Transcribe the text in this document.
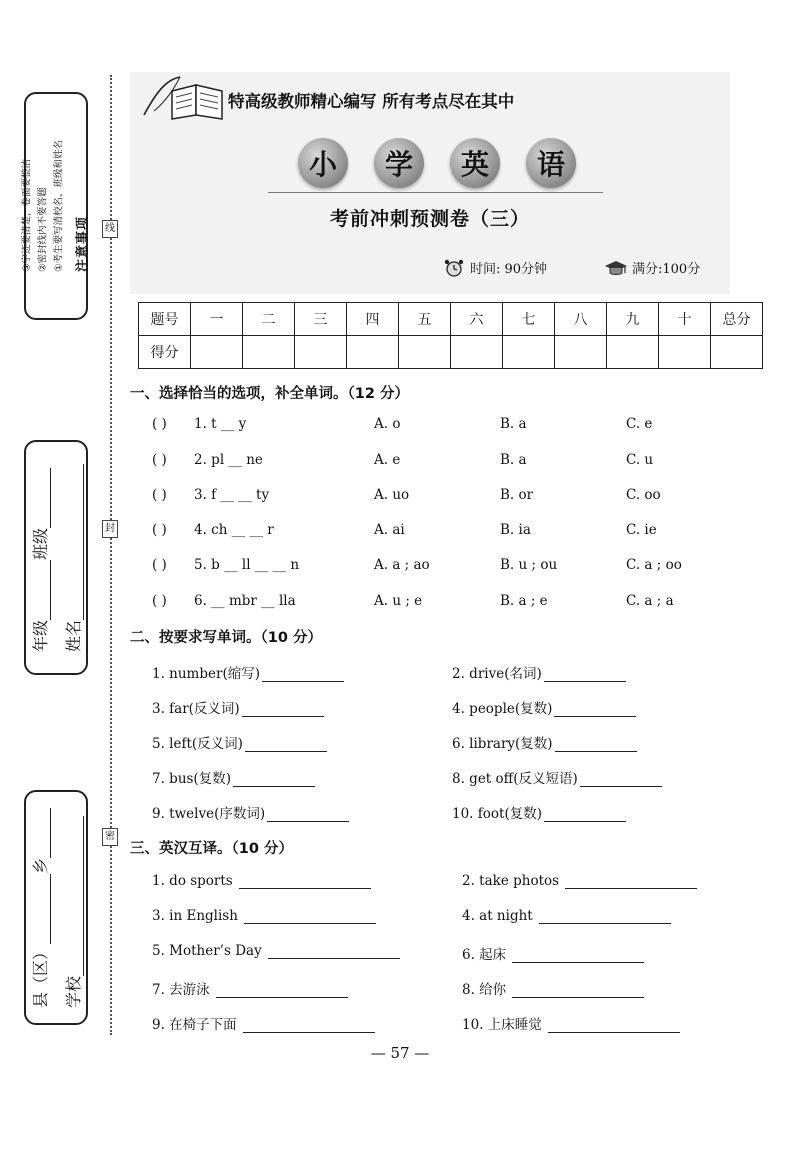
线
封
密
注意事项
①考生要写清校名、班级和姓名
②密封线内不要答题
③字迹要清楚，卷面要整洁
年级
班级
姓名
县（区）
乡
学校
特高级教师精心编写 所有考点尽在其中
小	学	英	语
考前冲刺预测卷（三）
时间: 90分钟	满分:100分
题号	一	二	三	四	五	六	七	八	九	十	总分
得分											
一、选择恰当的选项，补全单词。（12 分）
( ) 1. t __ y	A. o	B. a	C. e
( ) 2. pl __ ne	A. e	B. a	C. u
( ) 3. f __ __ ty	A. uo	B. or	C. oo
( ) 4. ch __ __ r	A. ai	B. ia	C. ie
( ) 5. b __ ll __ __ n	A. a ; ao	B. u ; ou	C. a ; oo
( ) 6. __ mbr __ lla	A. u ; e	B. a ; e	C. a ; a
二、按要求写单词。（10 分）
1. number(缩写)	2. drive(名词)
3. far(反义词)	4. people(复数)
5. left(反义词)	6. library(复数)
7. bus(复数)	8. get off(反义短语)
9. twelve(序数词)	10. foot(复数)
三、英汉互译。（10 分）
1. do sports	2. take photos
3. in English	4. at night
5. Mother’s Day	6. 起床
7. 去游泳	8. 给你
9. 在椅子下面	10. 上床睡觉
— 57 —
